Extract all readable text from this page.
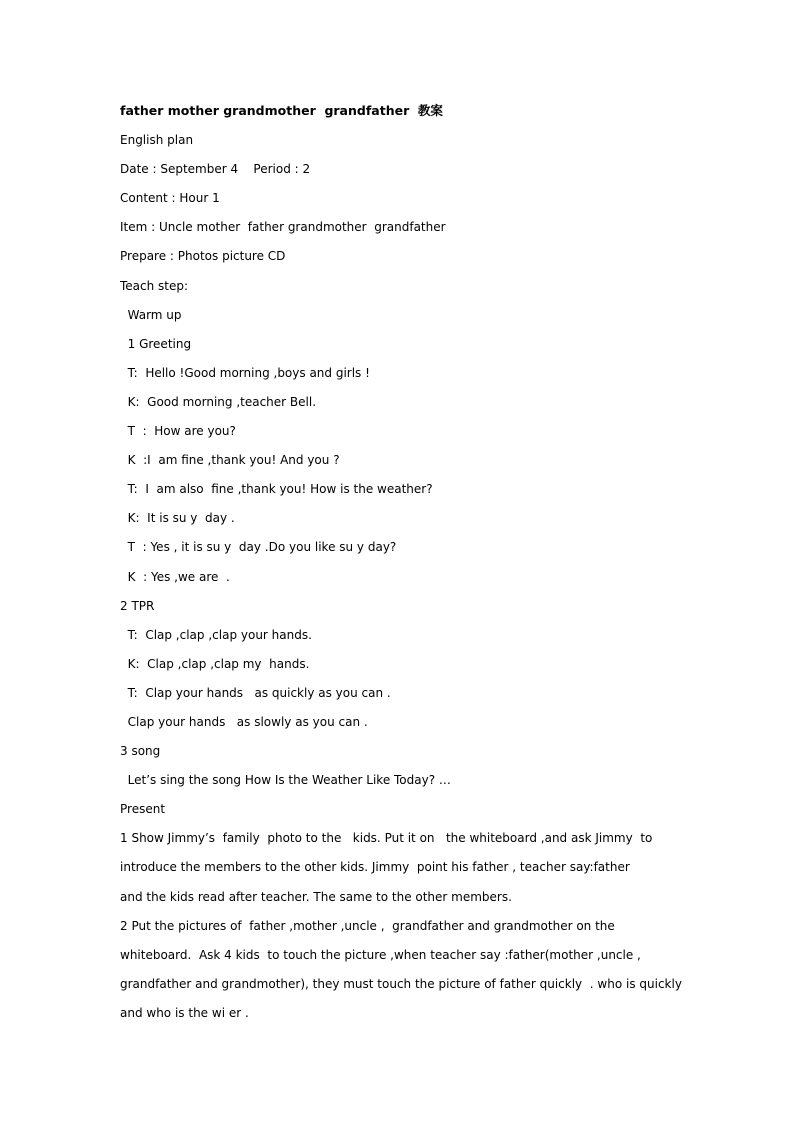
father mother grandmother  grandfather  教案
English plan
Date : September 4    Period : 2
Content : Hour 1
Item : Uncle mother  father grandmother  grandfather
Prepare : Photos picture CD
Teach step:
Warm up
1 Greeting
T:  Hello !Good morning ,boys and girls !
K:  Good morning ,teacher Bell.
T  :  How are you?
K  :I  am fine ,thank you! And you ?
T:  I  am also  fine ,thank you! How is the weather?
K:  It is su y  day .
T  : Yes , it is su y  day .Do you like su y day?
K  : Yes ,we are  .
2 TPR
T:  Clap ,clap ,clap your hands.
K:  Clap ,clap ,clap my  hands.
T:  Clap your hands   as quickly as you can .
Clap your hands   as slowly as you can .
3 song
Let’s sing the song How Is the Weather Like Today? …
Present
1 Show Jimmy’s  family  photo to the   kids. Put it on   the whiteboard ,and ask Jimmy  to
introduce the members to the other kids. Jimmy  point his father , teacher say:father
and the kids read after teacher. The same to the other members.
2 Put the pictures of  father ,mother ,uncle ,  grandfather and grandmother on the
whiteboard.  Ask 4 kids  to touch the picture ,when teacher say :father(mother ,uncle ,
grandfather and grandmother), they must touch the picture of father quickly  . who is quickly
and who is the wi er .
